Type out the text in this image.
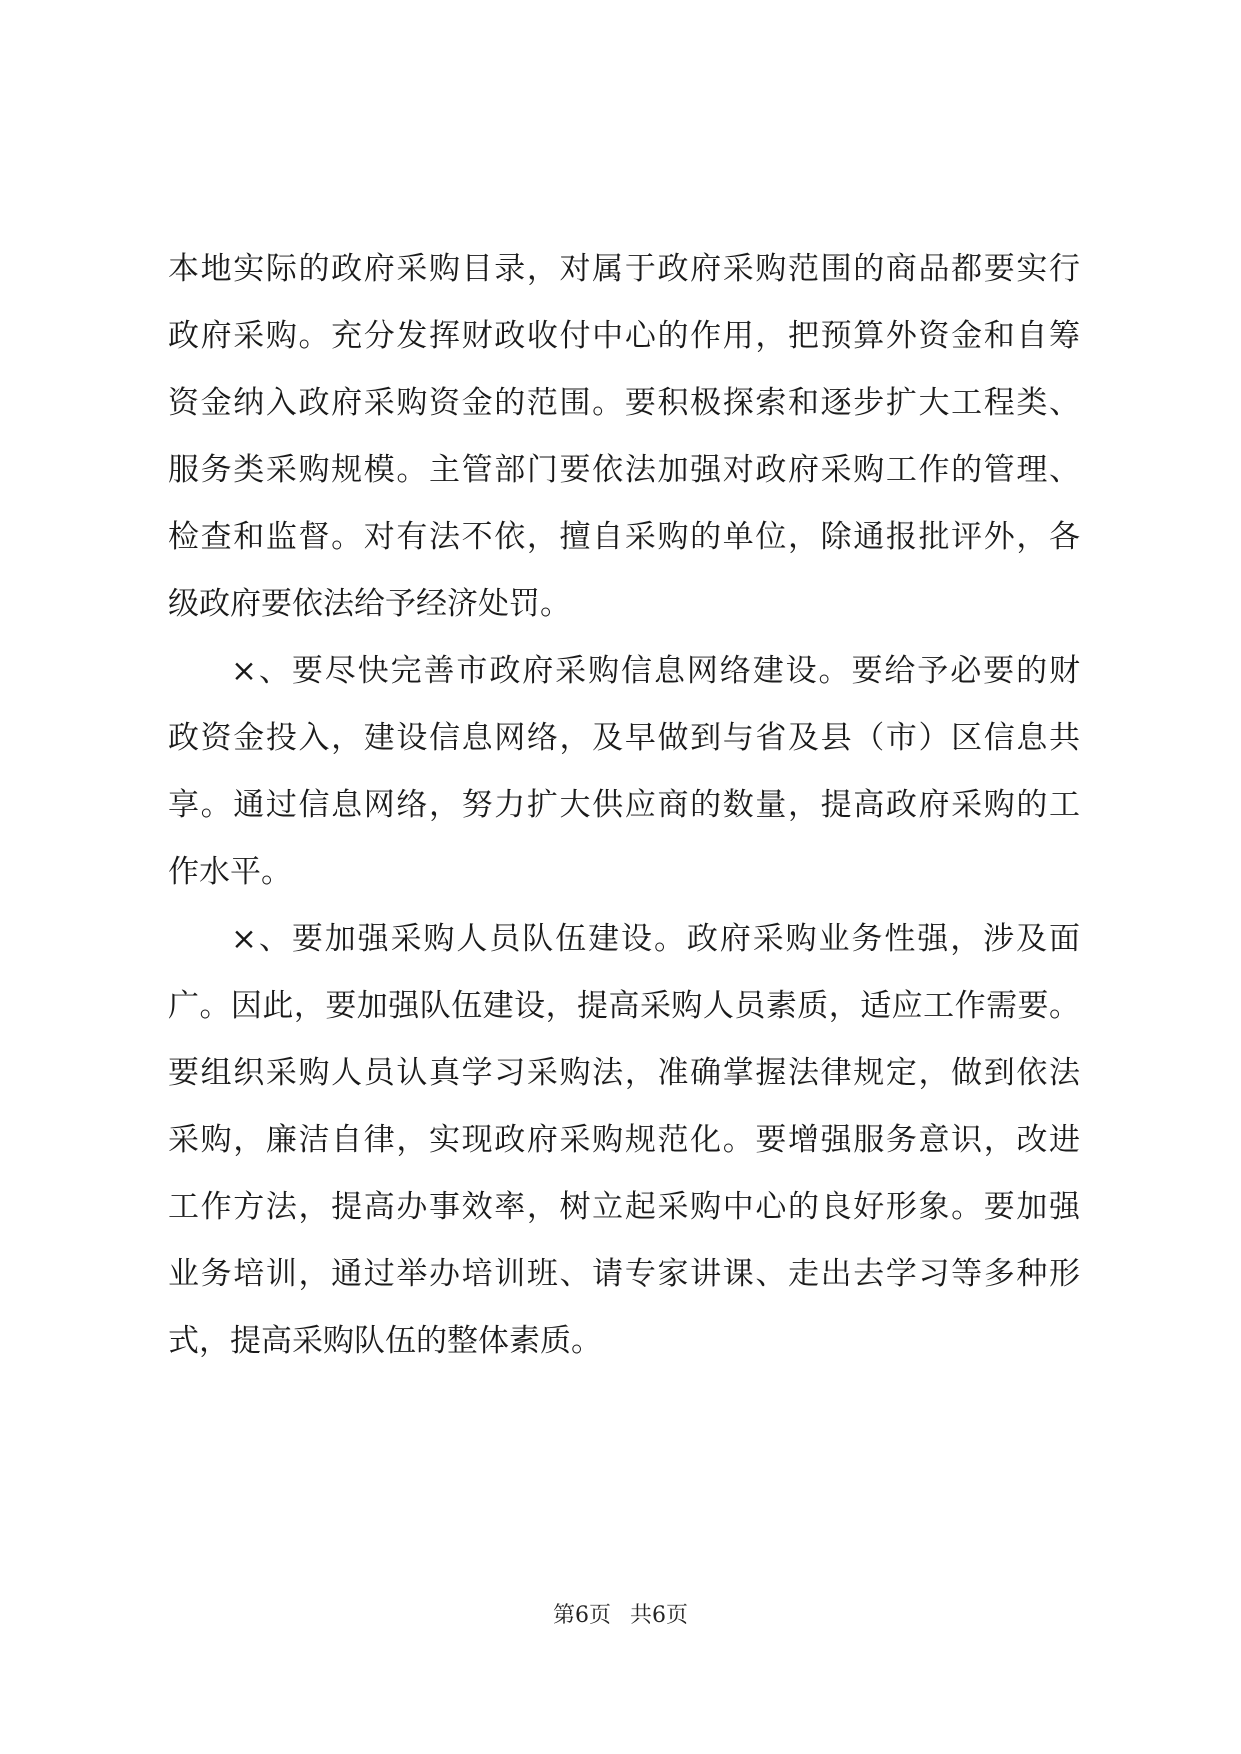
本地实际的政府采购目录，对属于政府采购范围的商品都要实行
政府采购。充分发挥财政收付中心的作用，把预算外资金和自筹
资金纳入政府采购资金的范围。要积极探索和逐步扩大工程类、
服务类采购规模。主管部门要依法加强对政府采购工作的管理、
检查和监督。对有法不依，擅自采购的单位，除通报批评外，各
级政府要依法给予经济处罚。
×、要尽快完善市政府采购信息网络建设。要给予必要的财
政资金投入，建设信息网络，及早做到与省及县（市）区信息共
享。通过信息网络，努力扩大供应商的数量，提高政府采购的工
作水平。
×、要加强采购人员队伍建设。政府采购业务性强，涉及面
广。因此，要加强队伍建设，提高采购人员素质，适应工作需要。
要组织采购人员认真学习采购法，准确掌握法律规定，做到依法
采购，廉洁自律，实现政府采购规范化。要增强服务意识，改进
工作方法，提高办事效率，树立起采购中心的良好形象。要加强
业务培训，通过举办培训班、请专家讲课、走出去学习等多种形
式，提高采购队伍的整体素质。
第6页 共6页
